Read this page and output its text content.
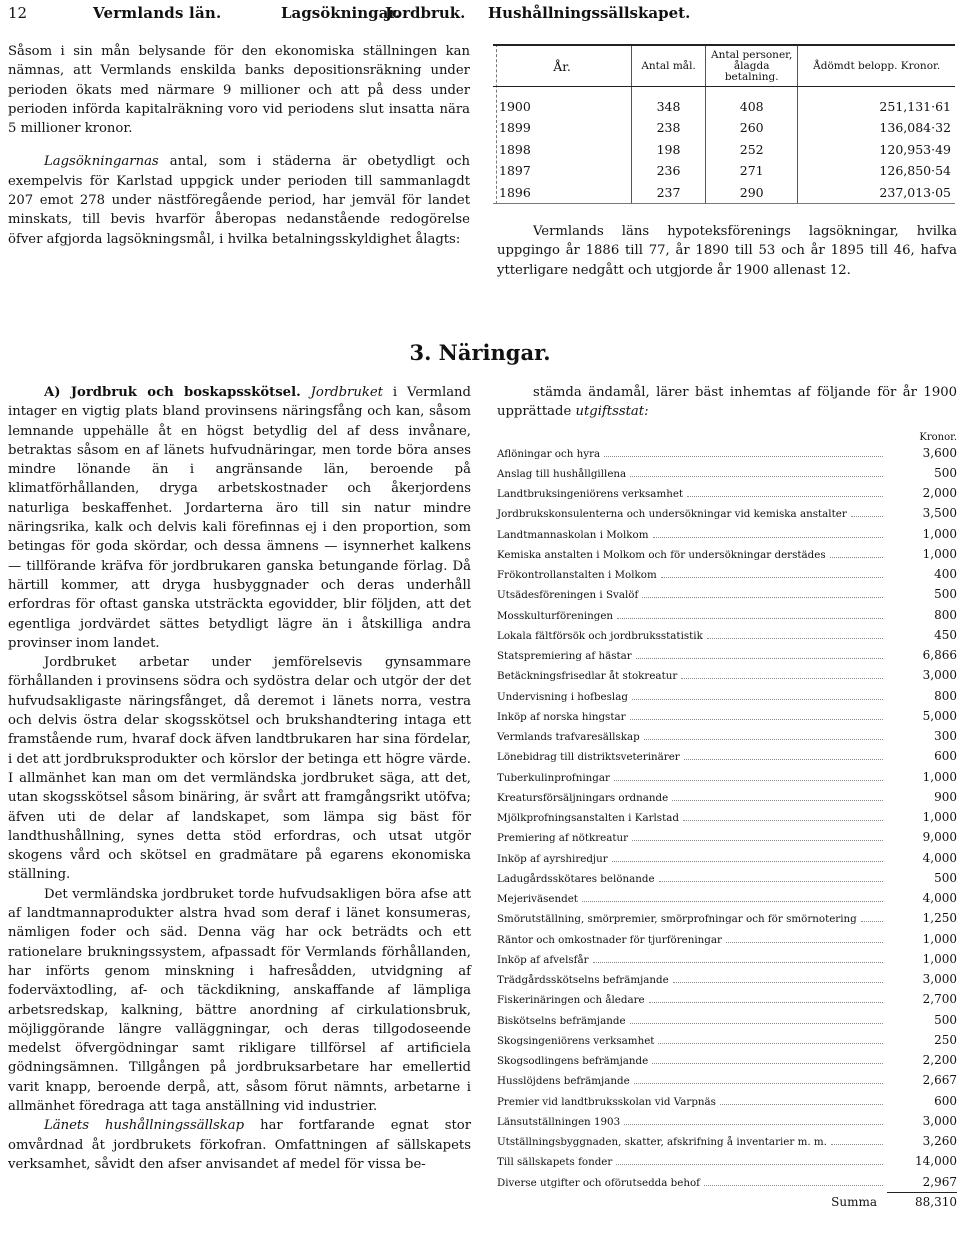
12	Vermlands län.	Lagsökningar.
Jordbruk. Hushållningssällskapet.

Såsom i sin mån belysande för den ekonomiska ställningen kan nämnas, att Vermlands enskilda banks depositionsräkning under perioden ökats med närmare 9 millioner och att på dess under perioden införda kapitalräkning voro vid periodens slut insatta nära 5 millioner kronor.

Lagsökningarnas antal, som i städerna är obetydligt och exempelvis för Karlstad uppgick under perioden till sammanlagdt 207 emot 278 under nästföregående period, har jemväl för landet minskats, till bevis hvarför åberopas nedanstående redogörelse öfver afgjorda lagsökningsmål, i hvilka betalningsskyldighet ålagts:

År.	Antal mål.	Antal personer, ålagda betalning.	Ådömdt belopp. Kronor.
1900	348	408	251,131·61
1899	238	260	136,084·32
1898	198	252	120,953·49
1897	236	271	126,850·54
1896	237	290	237,013·05

Vermlands läns hypoteksförenings lagsökningar, hvilka uppgingo år 1886 till 77, år 1890 till 53 och år 1895 till 46, hafva ytterligare nedgått och utgjorde år 1900 allenast 12.

3. Näringar.

A) Jordbruk och boskapsskötsel. Jordbruket i Vermland intager en vigtig plats bland provinsens näringsfång och kan, såsom lemnande uppehälle åt en högst betydlig del af dess invånare, betraktas såsom en af länets hufvudnäringar, men torde böra anses mindre lönande än i angränsande län, beroende på klimatförhållanden, dryga arbetskostnader och åkerjordens naturliga beskaffenhet. Jordarterna äro till sin natur mindre näringsrika, kalk och delvis kali förefinnas ej i den proportion, som betingas för goda skördar, och dessa ämnens — isynnerhet kalkens — tillförande kräfva för jordbrukaren ganska betungande förlag. Då härtill kommer, att dryga husbyggnader och deras underhåll erfordras för oftast ganska utsträckta egovidder, blir följden, att det egentliga jordvärdet sättes betydligt lägre än i åtskilliga andra provinser inom landet.

Jordbruket arbetar under jemförelsevis gynsammare förhållanden i provinsens södra och sydöstra delar och utgör der det hufvudsakligaste näringsfånget, då deremot i länets norra, vestra och delvis östra delar skogsskötsel och brukshandtering intaga ett framstående rum, hvaraf dock äfven landtbrukaren har sina fördelar, i det att jordbruksprodukter och körslor der betinga ett högre värde. I allmänhet kan man om det vermländska jordbruket säga, att det, utan skogsskötsel såsom binäring, är svårt att framgångsrikt utöfva; äfven uti de delar af landskapet, som lämpa sig bäst för landthushållning, synes detta stöd erfordras, och utsat utgör skogens vård och skötsel en gradmätare på egarens ekonomiska ställning.

Det vermländska jordbruket torde hufvudsakligen böra afse att af landtmannaprodukter alstra hvad som deraf i länet konsumeras, nämligen foder och säd. Denna väg har ock beträdts och ett rationelare brukningssystem, afpassadt för Vermlands förhållanden, har införts genom minskning i hafresådden, utvidgning af foderväxtodling, af- och täckdikning, anskaffande af lämpliga arbetsredskap, kalkning, bättre anordning af cirkulationsbruk, möjliggörande längre valläggningar, och deras tillgodoseende medelst öfvergödningar samt rikligare tillförsel af artificiela gödningsämnen. Tillgången på jordbruksarbetare har emellertid varit knapp, beroende derpå, att, såsom förut nämnts, arbetarne i allmänhet föredraga att taga anställning vid industrier.

Länets hushållningssällskap har fortfarande egnat stor omvårdnad åt jordbrukets förkofran. Omfattningen af sällskapets verksamhet, såvidt den afser anvisandet af medel för vissa be-

stämda ändamål, lärer bäst inhemtas af följande för år 1900 upprättade utgiftsstat:

Kronor.
Aflöningar och hyra	3,600
Anslag till hushållgillena	500
Landtbruksingeniörens verksamhet	2,000
Jordbrukskonsulenterna och undersökningar vid kemiska anstalter	3,500
Landtmannaskolan i Molkom	1,000
Kemiska anstalten i Molkom och för undersökningar derstädes	1,000
Frökontrollanstalten i Molkom	400
Utsädesföreningen i Svalöf	500
Mosskulturföreningen	800
Lokala fältförsök och jordbruksstatistik	450
Statspremiering af hästar	6,866
Betäckningsfrisedlar åt stokreatur	3,000
Undervisning i hofbeslag	800
Inköp af norska hingstar	5,000
Vermlands trafvaresällskap	300
Lönebidrag till distriktsveterinärer	600
Tuberkulinprofningar	1,000
Kreatursförsäljningars ordnande	900
Mjölkprofningsanstalten i Karlstad	1,000
Premiering af nötkreatur	9,000
Inköp af ayrshiredjur	4,000
Ladugårdsskötares belönande	500
Mejeriväsendet	4,000
Smörutställning, smörpremier, smörprofningar och för smörnotering	1,250
Räntor och omkostnader för tjurföreningar	1,000
Inköp af afvelsfår	1,000
Trädgårdsskötselns befrämjande	3,000
Fiskerinäringen och åledare	2,700
Biskötselns befrämjande	500
Skogsingeniörens verksamhet	250
Skogsodlingens befrämjande	2,200
Husslöjdens befrämjande	2,667
Premier vid landtbruksskolan vid Varpnäs	600
Länsutställningen 1903	3,000
Utställningsbyggnaden, skatter, afskrifning å inventarier m. m.	3,260
Till sällskapets fonder	14,000
Diverse utgifter och oförutsedda behof	2,967
Summa	88,310
